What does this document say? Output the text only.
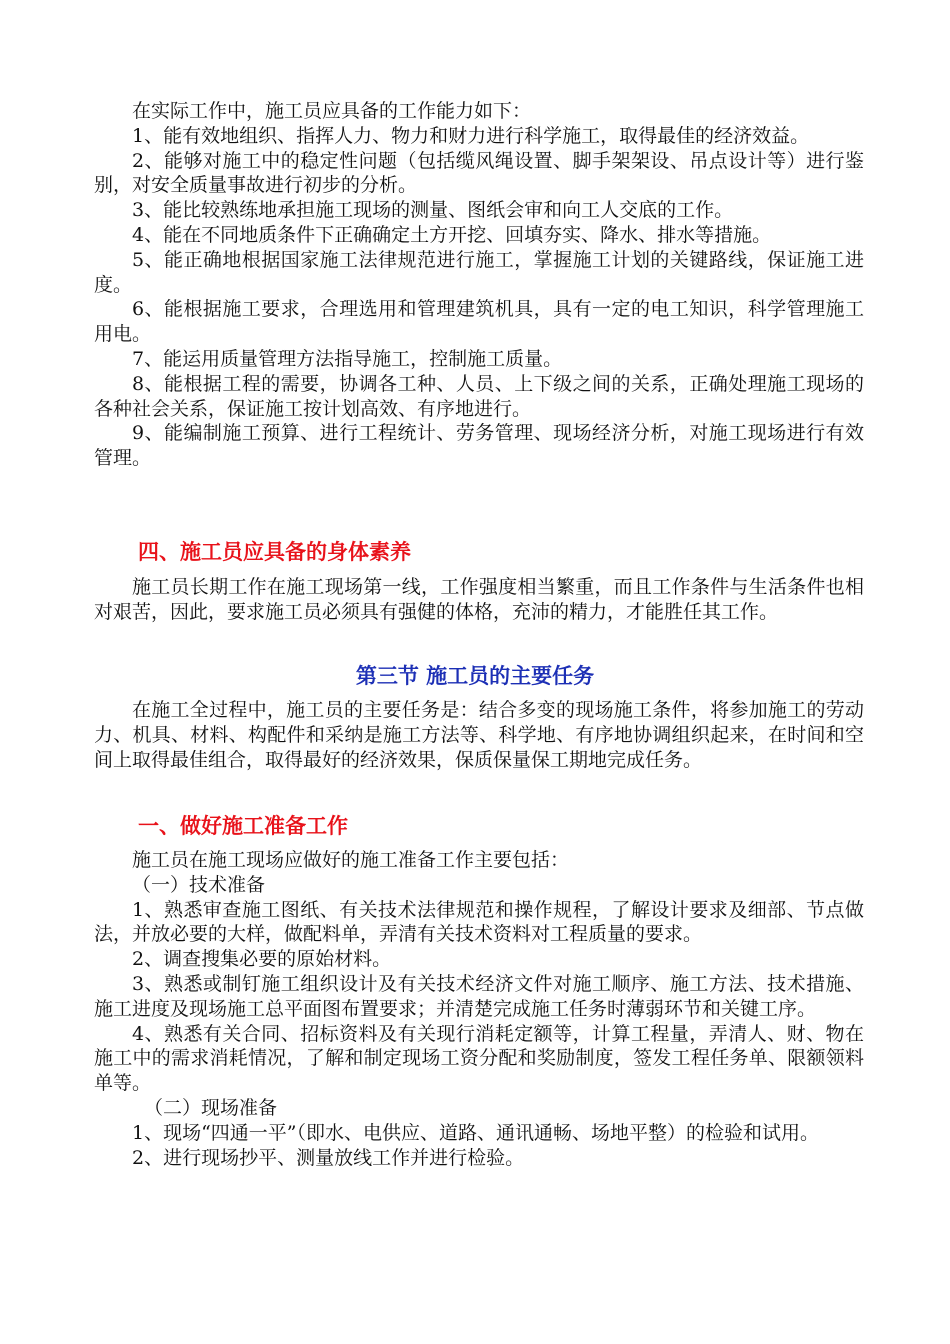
在实际工作中，施工员应具备的工作能力如下：

1、能有效地组织、指挥人力、物力和财力进行科学施工，取得最佳的经济效益。

2、能够对施工中的稳定性问题（包括缆风绳设置、脚手架架设、吊点设计等）进行鉴别，对安全质量事故进行初步的分析。

3、能比较熟练地承担施工现场的测量、图纸会审和向工人交底的工作。

4、能在不同地质条件下正确确定土方开挖、回填夯实、降水、排水等措施。

5、能正确地根据国家施工法律规范进行施工，掌握施工计划的关键路线，保证施工进度。

6、能根据施工要求，合理选用和管理建筑机具，具有一定的电工知识，科学管理施工用电。

7、能运用质量管理方法指导施工，控制施工质量。

8、能根据工程的需要，协调各工种、人员、上下级之间的关系，正确处理施工现场的各种社会关系，保证施工按计划高效、有序地进行。

9、能编制施工预算、进行工程统计、劳务管理、现场经济分析，对施工现场进行有效管理。

四、施工员应具备的身体素养

施工员长期工作在施工现场第一线，工作强度相当繁重，而且工作条件与生活条件也相对艰苦，因此，要求施工员必须具有强健的体格，充沛的精力，才能胜任其工作。

第三节 施工员的主要任务

在施工全过程中，施工员的主要任务是：结合多变的现场施工条件，将参加施工的劳动力、机具、材料、构配件和采纳是施工方法等、科学地、有序地协调组织起来，在时间和空间上取得最佳组合，取得最好的经济效果，保质保量保工期地完成任务。

一、做好施工准备工作

施工员在施工现场应做好的施工准备工作主要包括：

（一）技术准备

1、熟悉审查施工图纸、有关技术法律规范和操作规程，了解设计要求及细部、节点做法，并放必要的大样，做配料单，弄清有关技术资料对工程质量的要求。

2、调查搜集必要的原始材料。

3、熟悉或制钉施工组织设计及有关技术经济文件对施工顺序、施工方法、技术措施、施工进度及现场施工总平面图布置要求；并清楚完成施工任务时薄弱环节和关键工序。

4、熟悉有关合同、招标资料及有关现行消耗定额等，计算工程量，弄清人、财、物在施工中的需求消耗情况，了解和制定现场工资分配和奖励制度，签发工程任务单、限额领料单等。

（二）现场准备

1、现场“四通一平”（即水、电供应、道路、通讯通畅、场地平整）的检验和试用。

2、进行现场抄平、测量放线工作并进行检验。
